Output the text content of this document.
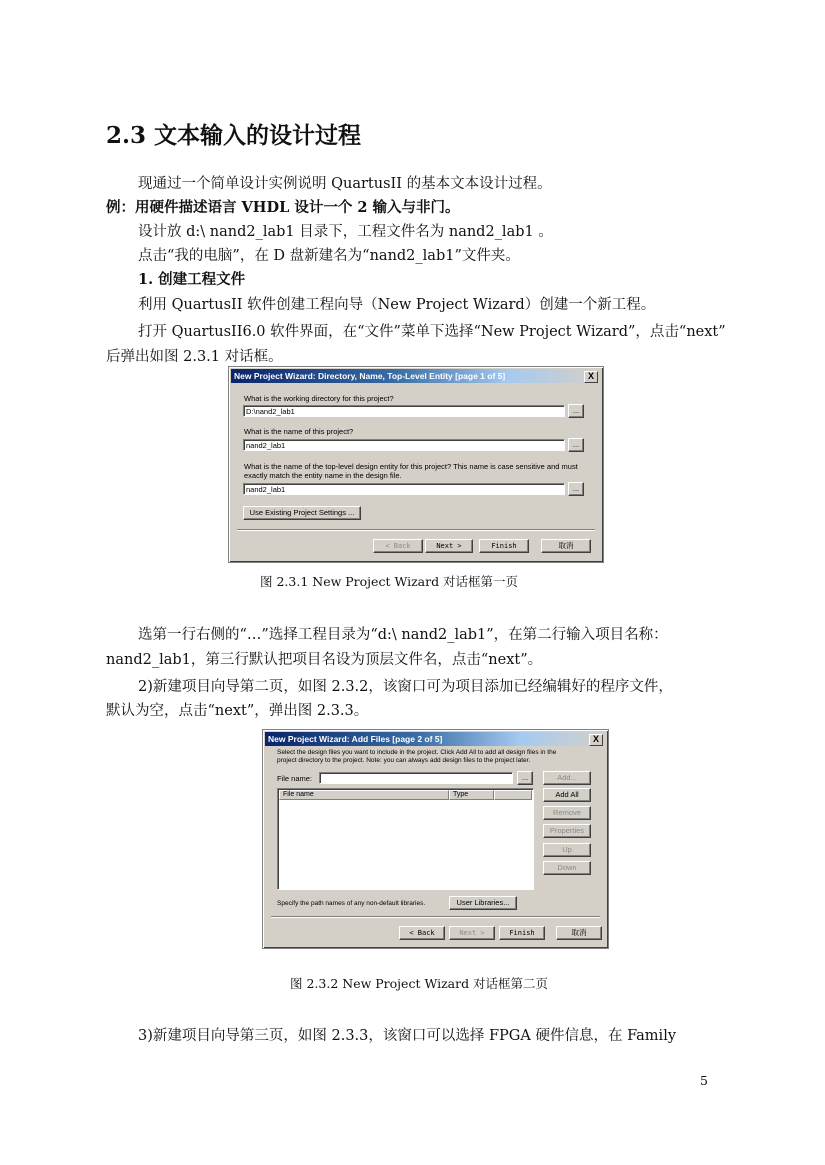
2.3 文本输入的设计过程
现通过一个简单设计实例说明 QuartusII 的基本文本设计过程。
例：用硬件描述语言 VHDL 设计一个 2 输入与非门。
设计放 d:\ nand2_lab1 目录下，工程文件名为 nand2_lab1 。
点击“我的电脑”，在 D 盘新建名为“nand2_lab1”文件夹。
1. 创建工程文件
利用 QuartusII 软件创建工程向导（New Project Wizard）创建一个新工程。
打开 QuartusII6.0 软件界面，在“文件”菜单下选择“New Project Wizard”，点击“next”
后弹出如图 2.3.1 对话框。
New Project Wizard: Directory, Name, Top-Level Entity [page 1 of 5]	X
What is the working directory for this project?
D:\nand2_lab1	...
What is the name of this project?
nand2_lab1	...
What is the name of the top-level design entity for this project? This name is case sensitive and must
exactly match the entity name in the design file.
nand2_lab1	...
Use Existing Project Settings ...
< Back	Next >	Finish	取消
图 2.3.1 New Project Wizard 对话框第一页
选第一行右侧的“…”选择工程目录为“d:\ nand2_lab1”，在第二行输入项目名称：
nand2_lab1，第三行默认把项目名设为顶层文件名，点击“next”。
2)新建项目向导第二页，如图 2.3.2，该窗口可为项目添加已经编辑好的程序文件，
默认为空，点击“next”，弹出图 2.3.3。
New Project Wizard: Add Files [page 2 of 5]	X
Select the design files you want to include in the project. Click Add All to add all design files in the
project directory to the project. Note: you can always add design files to the project later.
File name:	...	Add...
File name	Type	Add All
Remove
Properties
Up
Down
Specify the path names of any non-default libraries.	User Libraries...
< Back	Next >	Finish	取消
图 2.3.2 New Project Wizard 对话框第二页
3)新建项目向导第三页，如图 2.3.3，该窗口可以选择 FPGA 硬件信息，在 Family
5
